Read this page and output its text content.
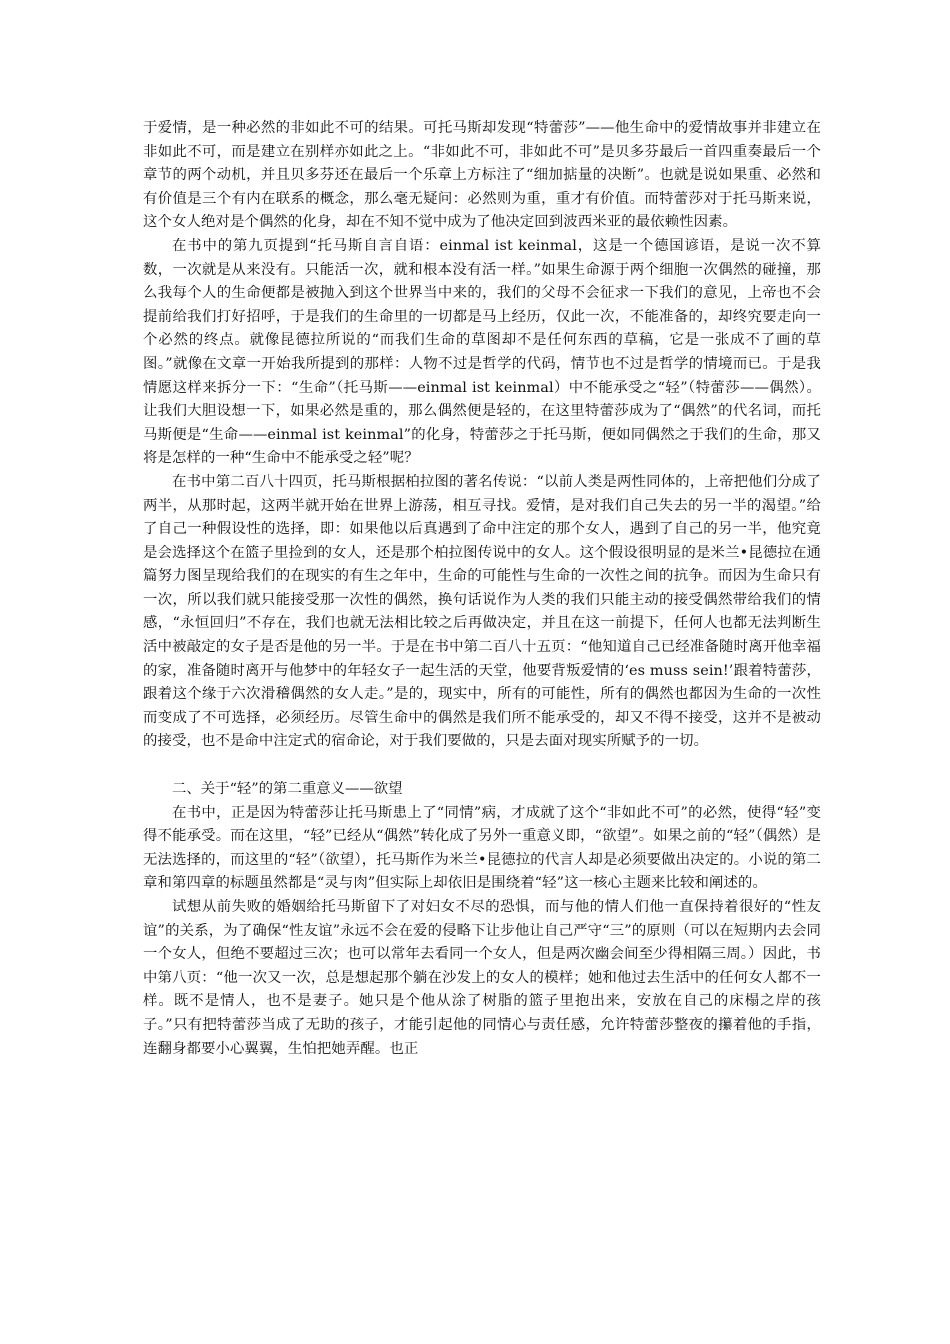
于爱情，是一种必然的非如此不可的结果。可托马斯却发现“特蕾莎”——他生命中的爱情故事并非建立在非如此不可，而是建立在别样亦如此之上。“非如此不可，非如此不可”是贝多芬最后一首四重奏最后一个章节的两个动机，并且贝多芬还在最后一个乐章上方标注了“细加掂量的决断”。也就是说如果重、必然和有价值是三个有内在联系的概念，那么毫无疑问：必然则为重，重才有价值。而特蕾莎对于托马斯来说，这个女人绝对是个偶然的化身，却在不知不觉中成为了他决定回到波西米亚的最依赖性因素。

在书中的第九页提到“托马斯自言自语：einmal ist keinmal，这是一个德国谚语，是说一次不算数，一次就是从来没有。只能活一次，就和根本没有活一样。”如果生命源于两个细胞一次偶然的碰撞，那么我每个人的生命便都是被抛入到这个世界当中来的，我们的父母不会征求一下我们的意见，上帝也不会提前给我们打好招呼，于是我们的生命里的一切都是马上经历，仅此一次，不能准备的，却终究要走向一个必然的终点。就像昆德拉所说的“而我们生命的草图却不是任何东西的草稿，它是一张成不了画的草图。”就像在文章一开始我所提到的那样：人物不过是哲学的代码，情节也不过是哲学的情境而已。于是我情愿这样来拆分一下：“生命”（托马斯——einmal ist keinmal）中不能承受之“轻”（特蕾莎——偶然）。让我们大胆设想一下，如果必然是重的，那么偶然便是轻的，在这里特蕾莎成为了“偶然”的代名词，而托马斯便是“生命——einmal ist keinmal”的化身，特蕾莎之于托马斯，便如同偶然之于我们的生命，那又将是怎样的一种“生命中不能承受之轻”呢？

在书中第二百八十四页，托马斯根据柏拉图的著名传说：“以前人类是两性同体的，上帝把他们分成了两半，从那时起，这两半就开始在世界上游荡，相互寻找。爱情，是对我们自己失去的另一半的渴望。”给了自己一种假设性的选择，即：如果他以后真遇到了命中注定的那个女人，遇到了自己的另一半，他究竟是会选择这个在篮子里捡到的女人，还是那个柏拉图传说中的女人。这个假设很明显的是米兰•昆德拉在通篇努力图呈现给我们的在现实的有生之年中，生命的可能性与生命的一次性之间的抗争。而因为生命只有一次，所以我们就只能接受那一次性的偶然，换句话说作为人类的我们只能主动的接受偶然带给我们的情感，“永恒回归”不存在，我们也就无法相比较之后再做决定，并且在这一前提下，任何人也都无法判断生活中被敲定的女子是否是他的另一半。于是在书中第二百八十五页：“他知道自己已经准备随时离开他幸福的家，准备随时离开与他梦中的年轻女子一起生活的天堂，他要背叛爱情的‘es muss sein!’跟着特蕾莎，跟着这个缘于六次滑稽偶然的女人走。”是的，现实中，所有的可能性，所有的偶然也都因为生命的一次性而变成了不可选择，必须经历。尽管生命中的偶然是我们所不能承受的，却又不得不接受，这并不是被动的接受，也不是命中注定式的宿命论，对于我们要做的，只是去面对现实所赋予的一切。

二、关于“轻”的第二重意义——欲望

在书中，正是因为特蕾莎让托马斯患上了“同情”病，才成就了这个“非如此不可”的必然，使得“轻”变得不能承受。而在这里，“轻”已经从“偶然”转化成了另外一重意义即，“欲望”。如果之前的“轻”（偶然）是无法选择的，而这里的“轻”（欲望），托马斯作为米兰•昆德拉的代言人却是必须要做出决定的。小说的第二章和第四章的标题虽然都是“灵与肉”但实际上却依旧是围绕着“轻”这一核心主题来比较和阐述的。

试想从前失败的婚姻给托马斯留下了对妇女不尽的恐惧，而与他的情人们他一直保持着很好的“性友谊”的关系，为了确保“性友谊”永远不会在爱的侵略下让步他让自己严守“三”的原则（可以在短期内去会同一个女人，但绝不要超过三次；也可以常年去看同一个女人，但是两次幽会间至少得相隔三周。）因此，书中第八页：“他一次又一次，总是想起那个躺在沙发上的女人的模样；她和他过去生活中的任何女人都不一样。既不是情人，也不是妻子。她只是个他从涂了树脂的篮子里抱出来，安放在自己的床榻之岸的孩子。”只有把特蕾莎当成了无助的孩子，才能引起他的同情心与责任感，允许特蕾莎整夜的攥着他的手指，连翻身都要小心翼翼，生怕把她弄醒。也正
